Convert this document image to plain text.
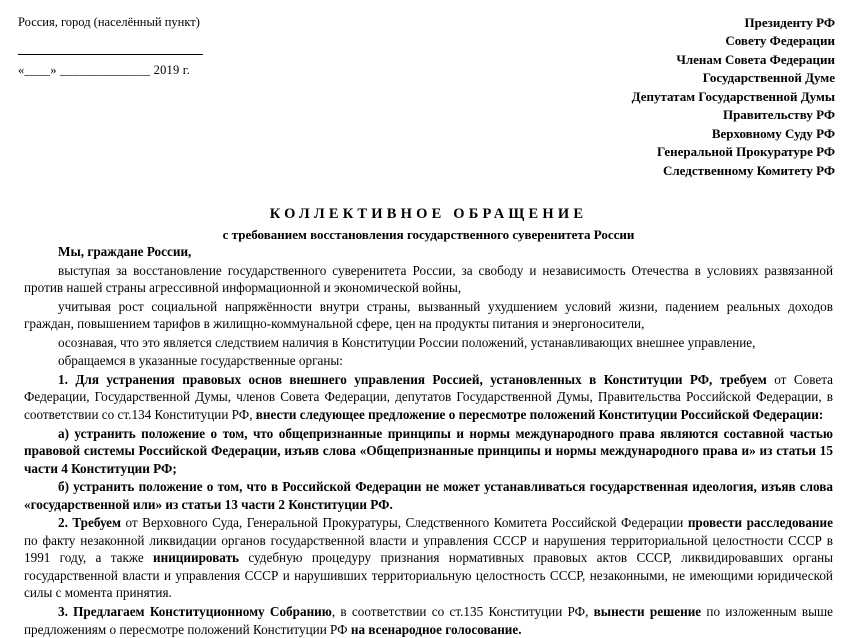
Россия, город (населённый пункт)
«____» ______________ 2019 г.
Президенту РФ
Совету Федерации
Членам Совета Федерации
Государственной Думе
Депутатам Государственной Думы
Правительству РФ
Верховному Суду РФ
Генеральной Прокуратуре РФ
Следственному Комитету РФ
КОЛЛЕКТИВНОЕ ОБРАЩЕНИЕ
с требованием восстановления государственного суверенитета России

Мы, граждане России,

выступая за восстановление государственного суверенитета России, за свободу и независимость Отечества в условиях развязанной против нашей страны агрессивной информационной и экономической войны,

учитывая рост социальной напряжённости внутри страны, вызванный ухудшением условий жизни, падением реальных доходов граждан, повышением тарифов в жилищно-коммунальной сфере, цен на продукты питания и энергоносители,

осознавая, что это является следствием наличия в Конституции России положений, устанавливающих внешнее управление,

обращаемся в указанные государственные органы:

1. Для устранения правовых основ внешнего управления Россией, установленных в Конституции РФ, требуем от Совета Федерации, Государственной Думы, членов Совета Федерации, депутатов Государственной Думы, Правительства Российской Федерации, в соответствии со ст.134 Конституции РФ, внести следующее предложение о пересмотре положений Конституции Российской Федерации:

а) устранить положение о том, что общепризнанные принципы и нормы международного права являются составной частью правовой системы Российской Федерации, изъяв слова «Общепризнанные принципы и нормы международного права и» из статьи 15 части 4 Конституции РФ;

б) устранить положение о том, что в Российской Федерации не может устанавливаться государственная идеология, изъяв слова «государственной или» из статьи 13 части 2 Конституции РФ.

2. Требуем от Верховного Суда, Генеральной Прокуратуры, Следственного Комитета Российской Федерации провести расследование по факту незаконной ликвидации органов государственной власти и управления СССР и нарушения территориальной целостности СССР в 1991 году, а также инициировать судебную процедуру признания нормативных правовых актов СССР, ликвидировавших органы государственной власти и управления СССР и нарушивших территориальную целостность СССР, незаконными, не имеющими юридической силы с момента принятия.

3. Предлагаем Конституционному Собранию, в соответствии со ст.135 Конституции РФ, вынести решение по изложенным выше предложениям о пересмотре положений Конституции РФ на всенародное голосование.
